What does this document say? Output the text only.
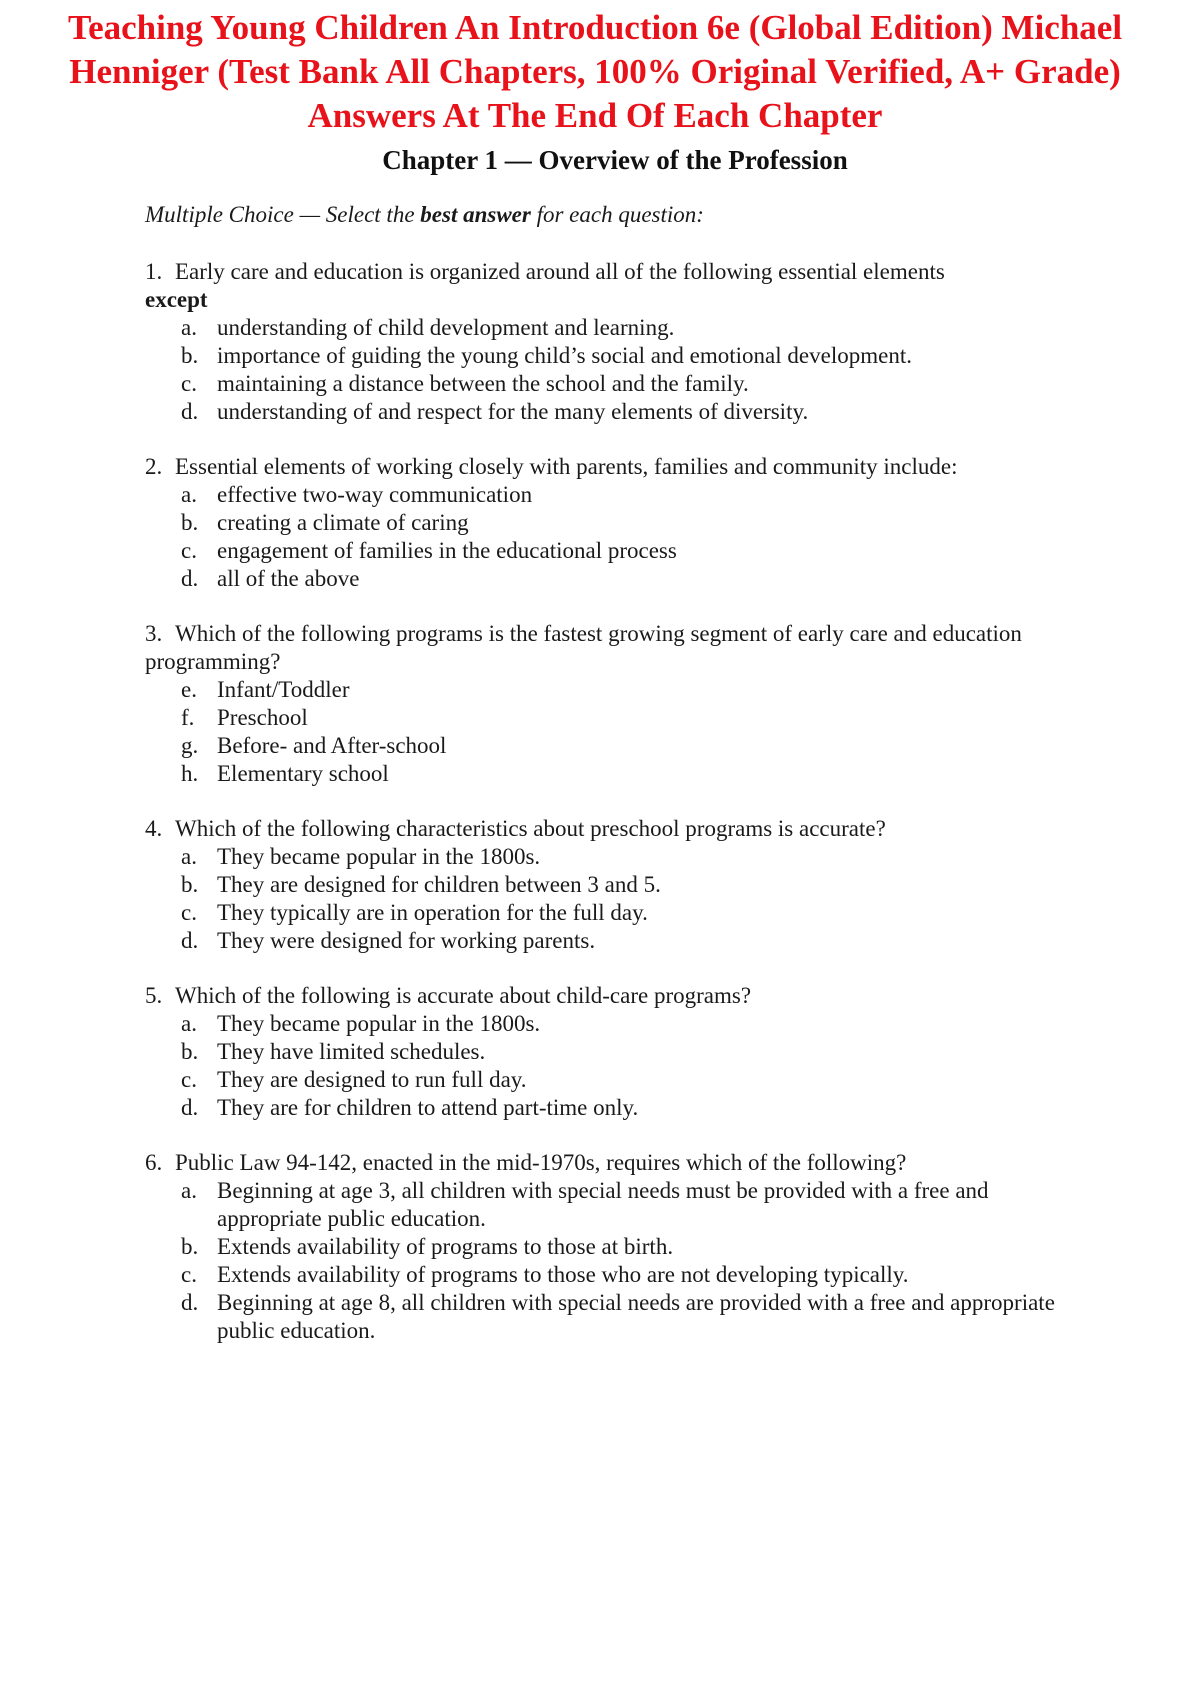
Teaching Young Children An Introduction 6e (Global Edition) Michael Henniger (Test Bank All Chapters, 100% Original Verified, A+ Grade) Answers At The End Of Each Chapter
Chapter 1 — Overview of the Profession

Multiple Choice — Select the best answer for each question:

1. Early care and education is organized around all of the following essential elements
except

a. understanding of child development and learning.
b. importance of guiding the young child’s social and emotional development.
c. maintaining a distance between the school and the family.
d. understanding of and respect for the many elements of diversity.

2. Essential elements of working closely with parents, families and community include:

a. effective two-way communication
b. creating a climate of caring
c. engagement of families in the educational process
d. all of the above

3. Which of the following programs is the fastest growing segment of early care and education programming?

e. Infant/Toddler
f. Preschool
g. Before- and After-school
h. Elementary school

4. Which of the following characteristics about preschool programs is accurate?

a. They became popular in the 1800s.
b. They are designed for children between 3 and 5.
c. They typically are in operation for the full day.
d. They were designed for working parents.

5. Which of the following is accurate about child-care programs?

a. They became popular in the 1800s.
b. They have limited schedules.
c. They are designed to run full day.
d. They are for children to attend part-time only.

6. Public Law 94-142, enacted in the mid-1970s, requires which of the following?

a. Beginning at age 3, all children with special needs must be provided with a free and appropriate public education.
b. Extends availability of programs to those at birth.
c. Extends availability of programs to those who are not developing typically.
d. Beginning at age 8, all children with special needs are provided with a free and appropriate public education.
